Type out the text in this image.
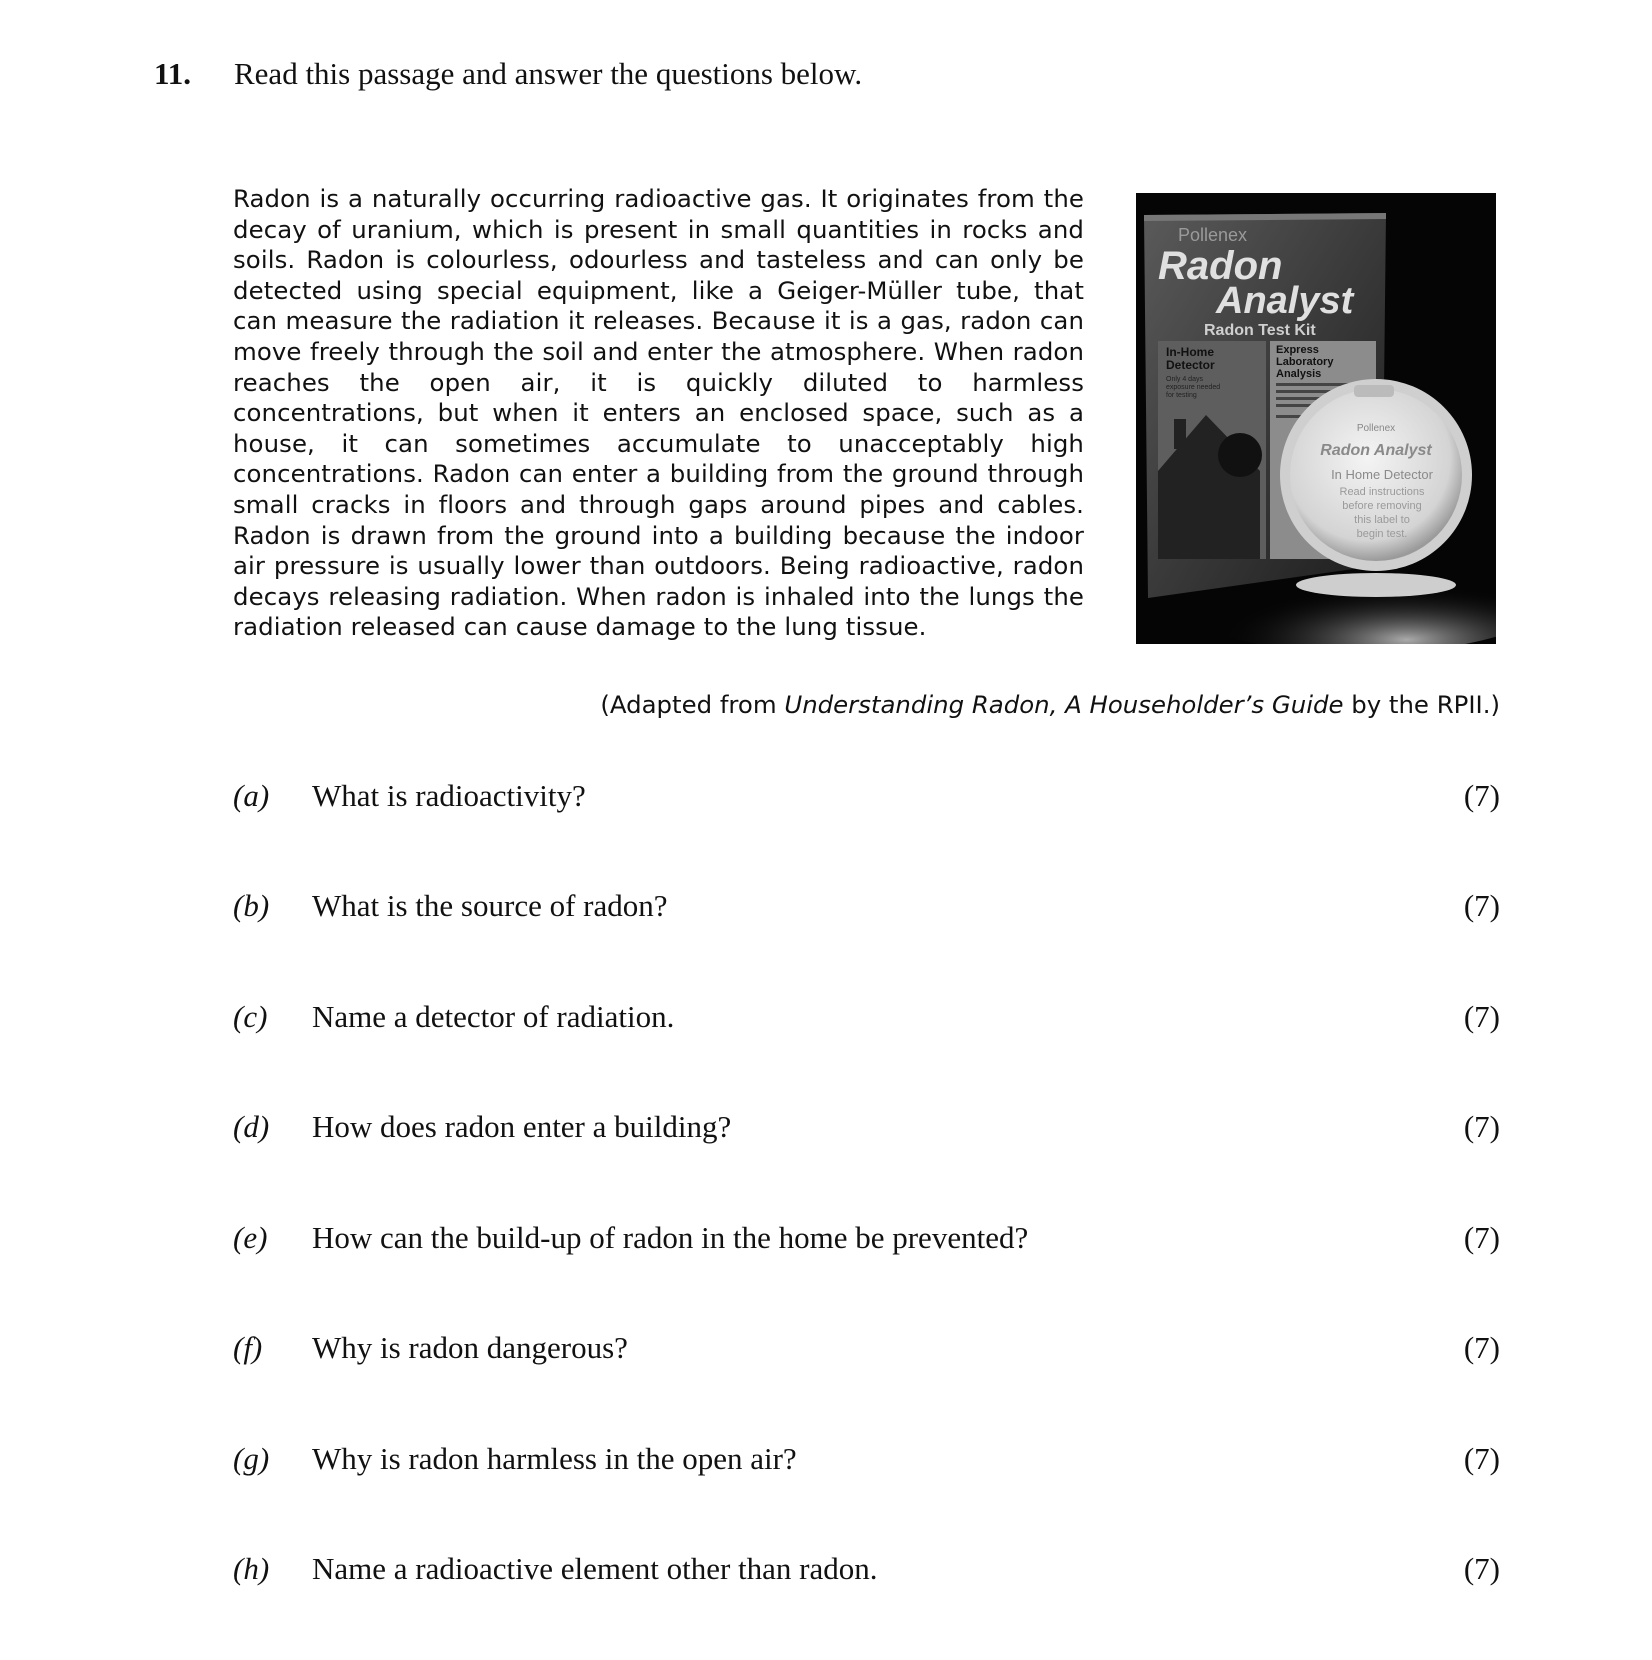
11. Read this passage and answer the questions below.

Radon is a naturally occurring radioactive gas. It originates from the decay of uranium, which is present in small quantities in rocks and soils. Radon is colourless, odourless and tasteless and can only be detected using special equipment, like a Geiger-Müller tube, that can measure the radiation it releases. Because it is a gas, radon can move freely through the soil and enter the atmosphere. When radon reaches the open air, it is quickly diluted to harmless concentrations, but when it enters an enclosed space, such as a house, it can sometimes accumulate to unacceptably high concentrations. Radon can enter a building from the ground through small cracks in floors and through gaps around pipes and cables. Radon is drawn from the ground into a building because the indoor air pressure is usually lower than outdoors. Being radioactive, radon decays releasing radiation. When radon is inhaled into the lungs the radiation released can cause damage to the lung tissue.

Pollenex
Radon
Analyst
Radon Test Kit
In-Home
Detector
Only 4 days
exposure needed
for testing
Express
Laboratory
Analysis
Pollenex
Radon Analyst
In Home Detector
Read instructions
before removing
this label to
begin test.
(Adapted from Understanding Radon, A Householder’s Guide by the RPII.)
(a) What is radioactivity?	(7)
(b) What is the source of radon?	(7)
(c) Name a detector of radiation.	(7)
(d) How does radon enter a building?	(7)
(e) How can the build-up of radon in the home be prevented?	(7)
(f) Why is radon dangerous?	(7)
(g) Why is radon harmless in the open air?	(7)
(h) Name a radioactive element other than radon.	(7)
